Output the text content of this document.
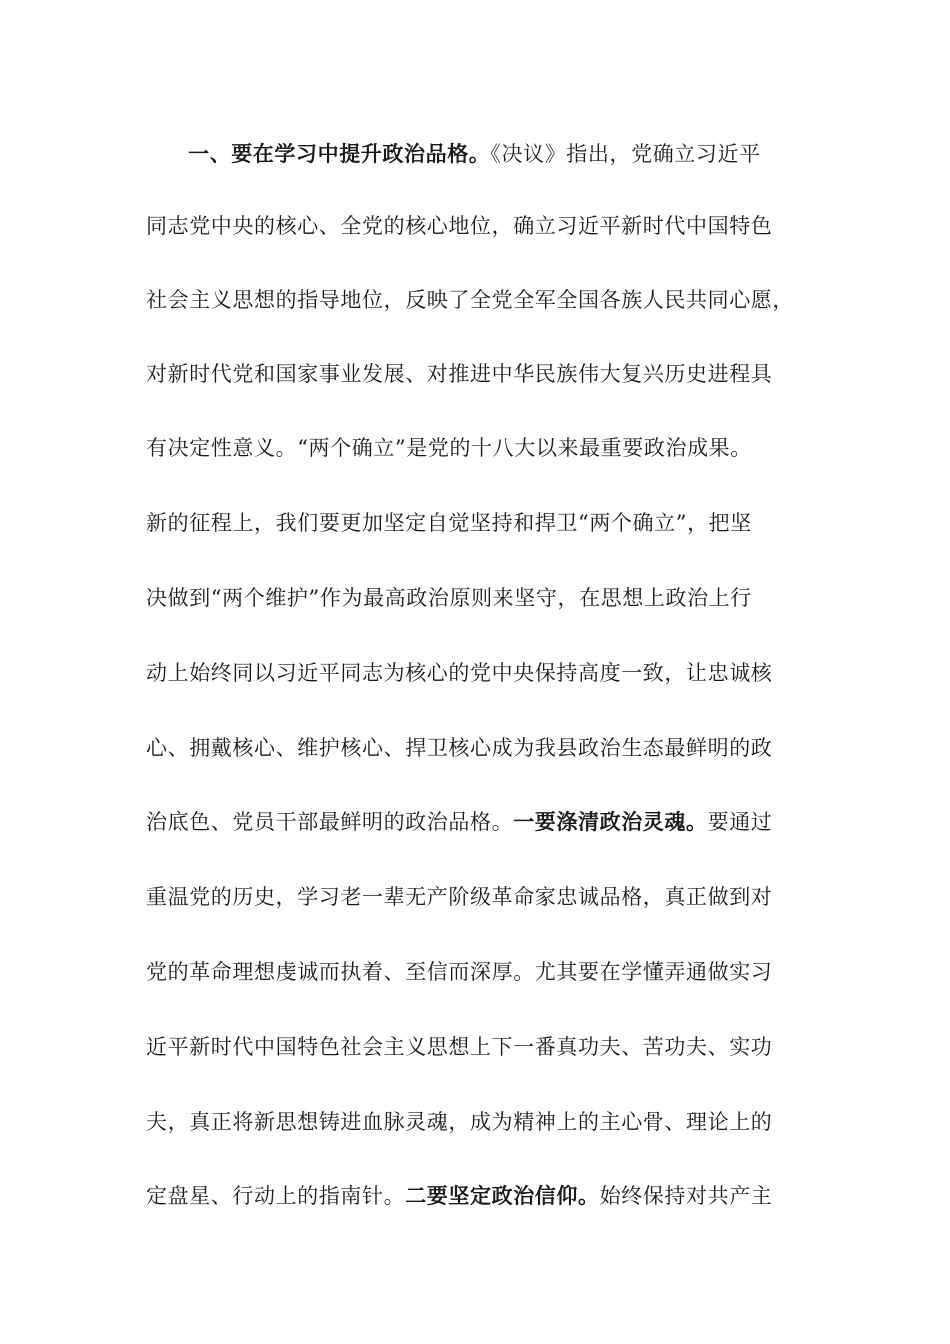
一、要在学习中提升政治品格。《决议》指出，党确立习近平
同志党中央的核心、全党的核心地位，确立习近平新时代中国特色
社会主义思想的指导地位，反映了全党全军全国各族人民共同心愿，
对新时代党和国家事业发展、对推进中华民族伟大复兴历史进程具
有决定性意义。“两个确立”是党的十八大以来最重要政治成果。
新的征程上，我们要更加坚定自觉坚持和捍卫“两个确立”，把坚
决做到“两个维护”作为最高政治原则来坚守，在思想上政治上行
动上始终同以习近平同志为核心的党中央保持高度一致，让忠诚核
心、拥戴核心、维护核心、捍卫核心成为我县政治生态最鲜明的政
治底色、党员干部最鲜明的政治品格。一要涤清政治灵魂。要通过
重温党的历史，学习老一辈无产阶级革命家忠诚品格，真正做到对
党的革命理想虔诚而执着、至信而深厚。尤其要在学懂弄通做实习
近平新时代中国特色社会主义思想上下一番真功夫、苦功夫、实功
夫，真正将新思想铸进血脉灵魂，成为精神上的主心骨、理论上的
定盘星、行动上的指南针。二要坚定政治信仰。始终保持对共产主
